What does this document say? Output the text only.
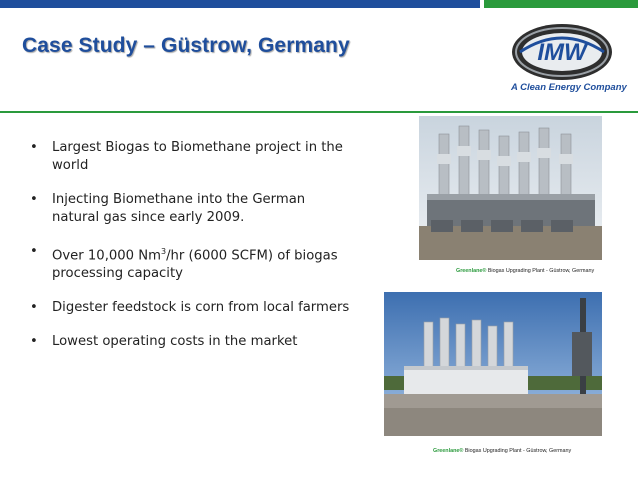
Case Study – Güstrow, Germany	IMW
A Clean Energy Company
• Largest Biogas to Biomethane project in the world
• Injecting Biomethane into the German natural gas since early 2009.
• Over 10,000 Nm$^3$/hr (6000 SCFM) of biogas processing capacity
• Digester feedstock is corn from local farmers
• Lowest operating costs in the market
Greenlane® Biogas Upgrading Plant - Güstrow, Germany
Greenlane® Biogas Upgrading Plant - Güstrow, Germany
